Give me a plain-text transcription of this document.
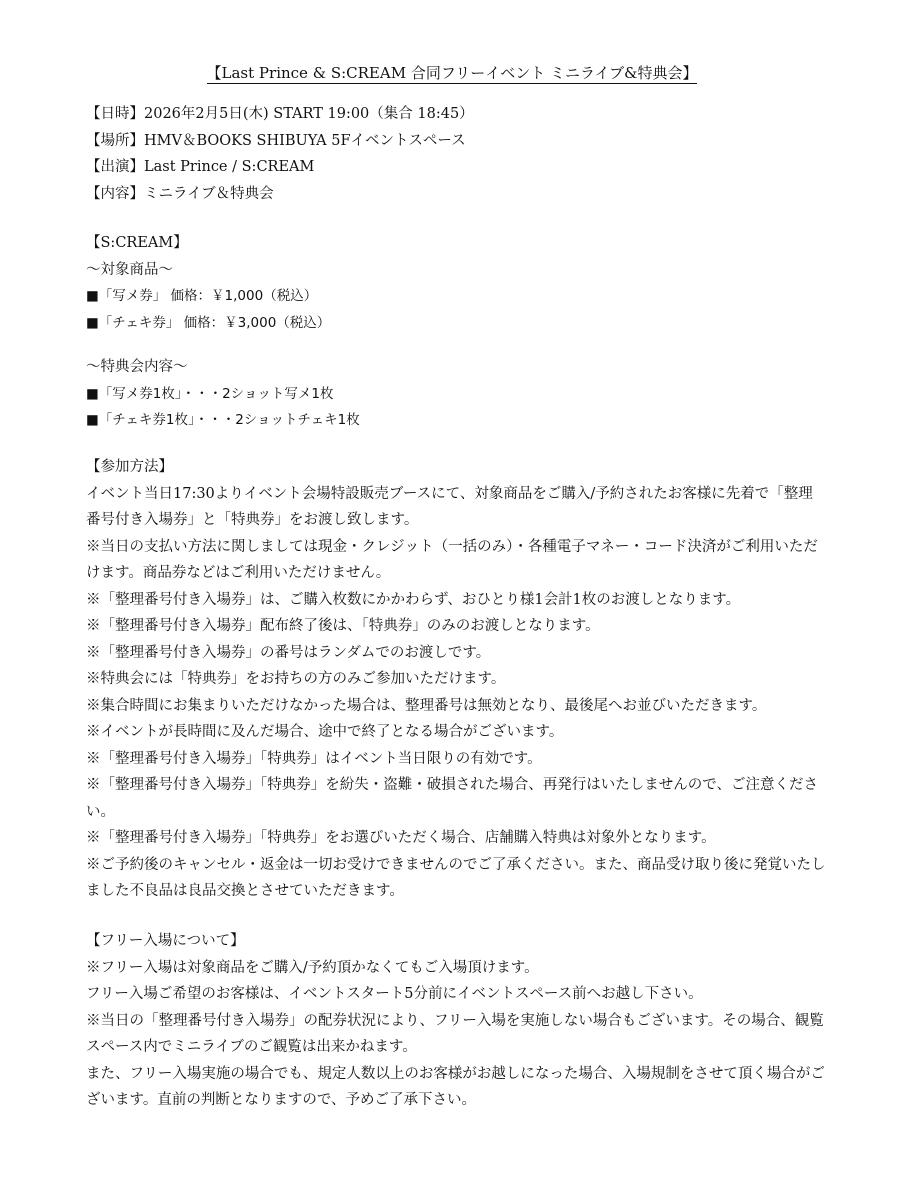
【Last Prince & S:CREAM 合同フリーイベント ミニライブ&特典会】
【日時】2026年2月5日(木) START 19:00（集合 18:45）
【場所】HMV＆BOOKS SHIBUYA 5Fイベントスペース
【出演】Last Prince / S:CREAM
【内容】ミニライブ＆特典会
【S:CREAM】
〜対象商品〜
■「写メ券」 価格：￥1,000（税込）
■「チェキ券」 価格：￥3,000（税込）
〜特典会内容〜
■「写メ券1枚」・・・2ショット写メ1枚
■「チェキ券1枚」・・・2ショットチェキ1枚
【参加方法】
イベント当日17:30よりイベント会場特設販売ブースにて、対象商品をご購入/予約されたお客様に先着で「整理番号付き入場券」と「特典券」をお渡し致します。
※当日の支払い方法に関しましては現金・クレジット（一括のみ）・各種電子マネー・コード決済がご利用いただけます。商品券などはご利用いただけません。
※「整理番号付き入場券」は、ご購入枚数にかかわらず、おひとり様1会計1枚のお渡しとなります。
※「整理番号付き入場券」配布終了後は、「特典券」のみのお渡しとなります。
※「整理番号付き入場券」の番号はランダムでのお渡しです。
※特典会には「特典券」をお持ちの方のみご参加いただけます。
※集合時間にお集まりいただけなかった場合は、整理番号は無効となり、最後尾へお並びいただきます。
※イベントが長時間に及んだ場合、途中で終了となる場合がございます。
※「整理番号付き入場券」「特典券」はイベント当日限りの有効です。
※「整理番号付き入場券」「特典券」を紛失・盗難・破損された場合、再発行はいたしませんので、ご注意ください。
※「整理番号付き入場券」「特典券」をお選びいただく場合、店舗購入特典は対象外となります。
※ご予約後のキャンセル・返金は一切お受けできませんのでご了承ください。また、商品受け取り後に発覚いたしました不良品は良品交換とさせていただきます。
【フリー入場について】
※フリー入場は対象商品をご購入/予約頂かなくてもご入場頂けます。
フリー入場ご希望のお客様は、イベントスタート5分前にイベントスペース前へお越し下さい。
※当日の「整理番号付き入場券」の配券状況により、フリー入場を実施しない場合もございます。その場合、観覧スペース内でミニライブのご観覧は出来かねます。
また、フリー入場実施の場合でも、規定人数以上のお客様がお越しになった場合、入場規制をさせて頂く場合がございます。直前の判断となりますので、予めご了承下さい。
